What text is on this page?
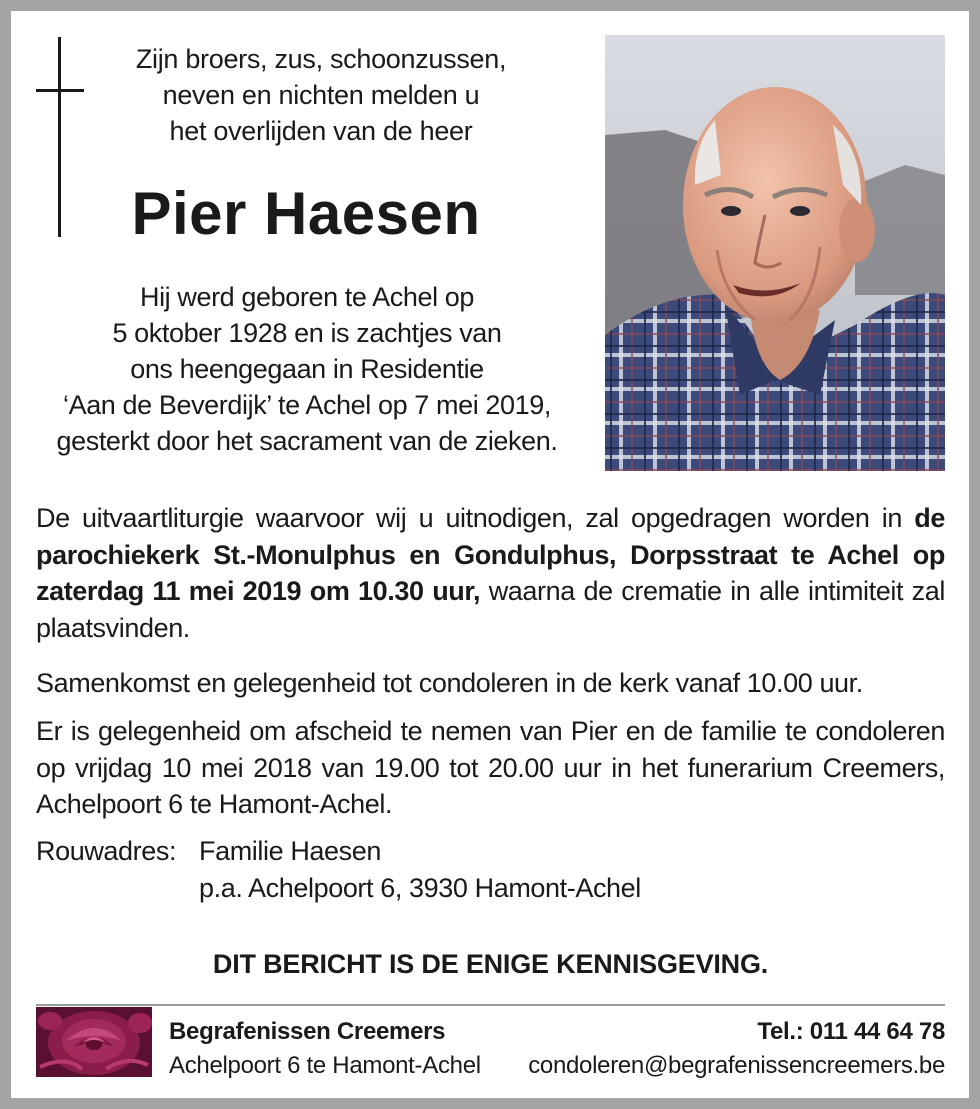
Zijn broers, zus, schoonzussen,
neven en nichten melden u
het overlijden van de heer
Pier Haesen
Hij werd geboren te Achel op
5 oktober 1928 en is zachtjes van
ons heengegaan in Residentie
‘Aan de Beverdijk’ te Achel op 7 mei 2019,
gesterkt door het sacrament van de zieken.
De uitvaartliturgie waarvoor wij u uitnodigen, zal opgedragen worden in de parochiekerk St.-Monulphus en Gondulphus, Dorpsstraat te Achel op zaterdag 11 mei 2019 om 10.30 uur, waarna de crematie in alle intimiteit zal plaatsvinden.
Samenkomst en gelegenheid tot condoleren in de kerk vanaf 10.00 uur.
Er is gelegenheid om afscheid te nemen van Pier en de familie te condoleren op vrijdag 10 mei 2018 van 19.00 tot 20.00 uur in het funerarium Creemers, Achelpoort 6 te Hamont-Achel.
Rouwadres: Familie Haesen
p.a. Achelpoort 6, 3930 Hamont-Achel
DIT BERICHT IS DE ENIGE KENNISGEVING.
Begrafenissen Creemers
Achelpoort 6 te Hamont-Achel
Tel.: 011 44 64 78
condoleren@begrafenissencreemers.be
